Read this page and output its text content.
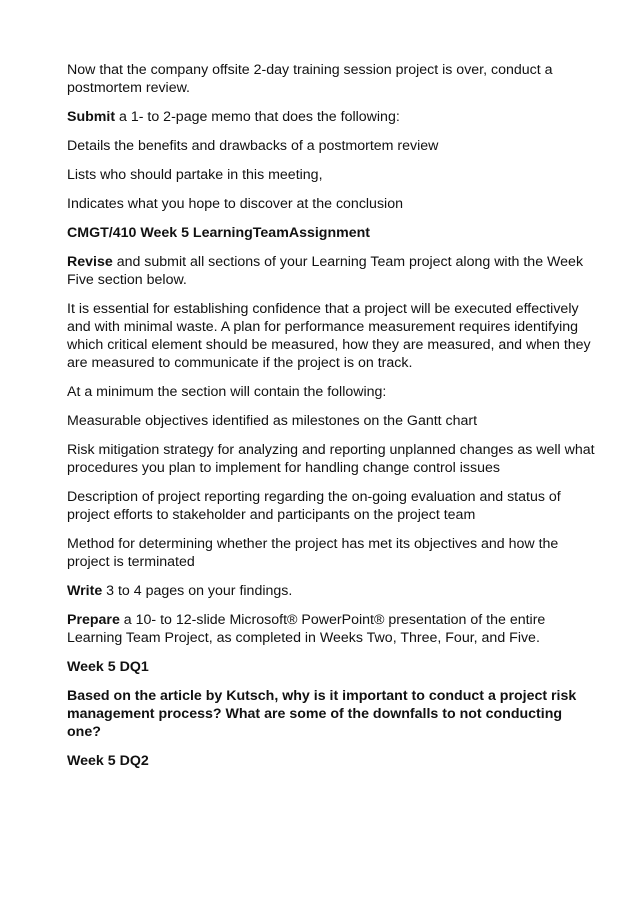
Now that the company offsite 2-day training session project is over, conduct a postmortem review.

Submit a 1- to 2-page memo that does the following:

Details the benefits and drawbacks of a postmortem review

Lists who should partake in this meeting,

Indicates what you hope to discover at the conclusion

CMGT/410 Week 5 LearningTeamAssignment

Revise and submit all sections of your Learning Team project along with the Week Five section below.

It is essential for establishing confidence that a project will be executed effectively and with minimal waste. A plan for performance measurement requires identifying which critical element should be measured, how they are measured, and when they are measured to communicate if the project is on track.

At a minimum the section will contain the following:

Measurable objectives identified as milestones on the Gantt chart

Risk mitigation strategy for analyzing and reporting unplanned changes as well what procedures you plan to implement for handling change control issues

Description of project reporting regarding the on-going evaluation and status of project efforts to stakeholder and participants on the project team

Method for determining whether the project has met its objectives and how the project is terminated

Write 3 to 4 pages on your findings.

Prepare a 10- to 12-slide Microsoft® PowerPoint® presentation of the entire Learning Team Project, as completed in Weeks Two, Three, Four, and Five.

Week 5 DQ1

Based on the article by Kutsch, why is it important to conduct a project risk management process? What are some of the downfalls to not conducting one?

Week 5 DQ2
